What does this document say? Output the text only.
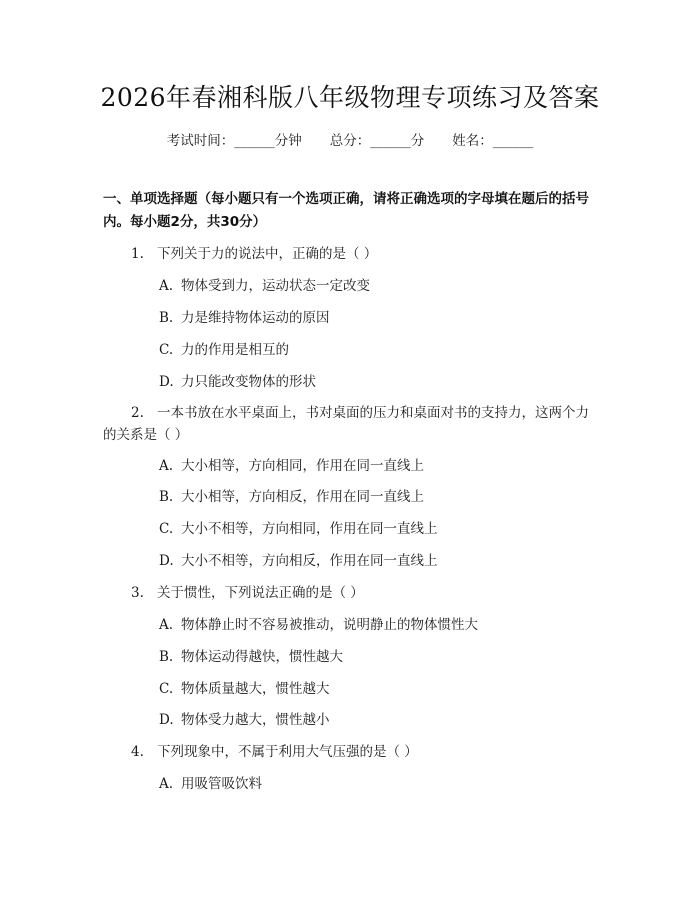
2026年春湘科版八年级物理专项练习及答案
考试时间：______分钟 总分：______分 姓名：______
一、单项选择题（每小题只有一个选项正确，请将正确选项的字母填在题后的括号内。每小题2分，共30分）
1. 下列关于力的说法中，正确的是（ ）
A. 物体受到力，运动状态一定改变
B. 力是维持物体运动的原因
C. 力的作用是相互的
D. 力只能改变物体的形状
2. 一本书放在水平桌面上，书对桌面的压力和桌面对书的支持力，这两个力
的关系是（ ）
A. 大小相等，方向相同，作用在同一直线上
B. 大小相等，方向相反，作用在同一直线上
C. 大小不相等，方向相同，作用在同一直线上
D. 大小不相等，方向相反，作用在同一直线上
3. 关于惯性，下列说法正确的是（ ）
A. 物体静止时不容易被推动，说明静止的物体惯性大
B. 物体运动得越快，惯性越大
C. 物体质量越大，惯性越大
D. 物体受力越大，惯性越小
4. 下列现象中，不属于利用大气压强的是（ ）
A. 用吸管吸饮料
